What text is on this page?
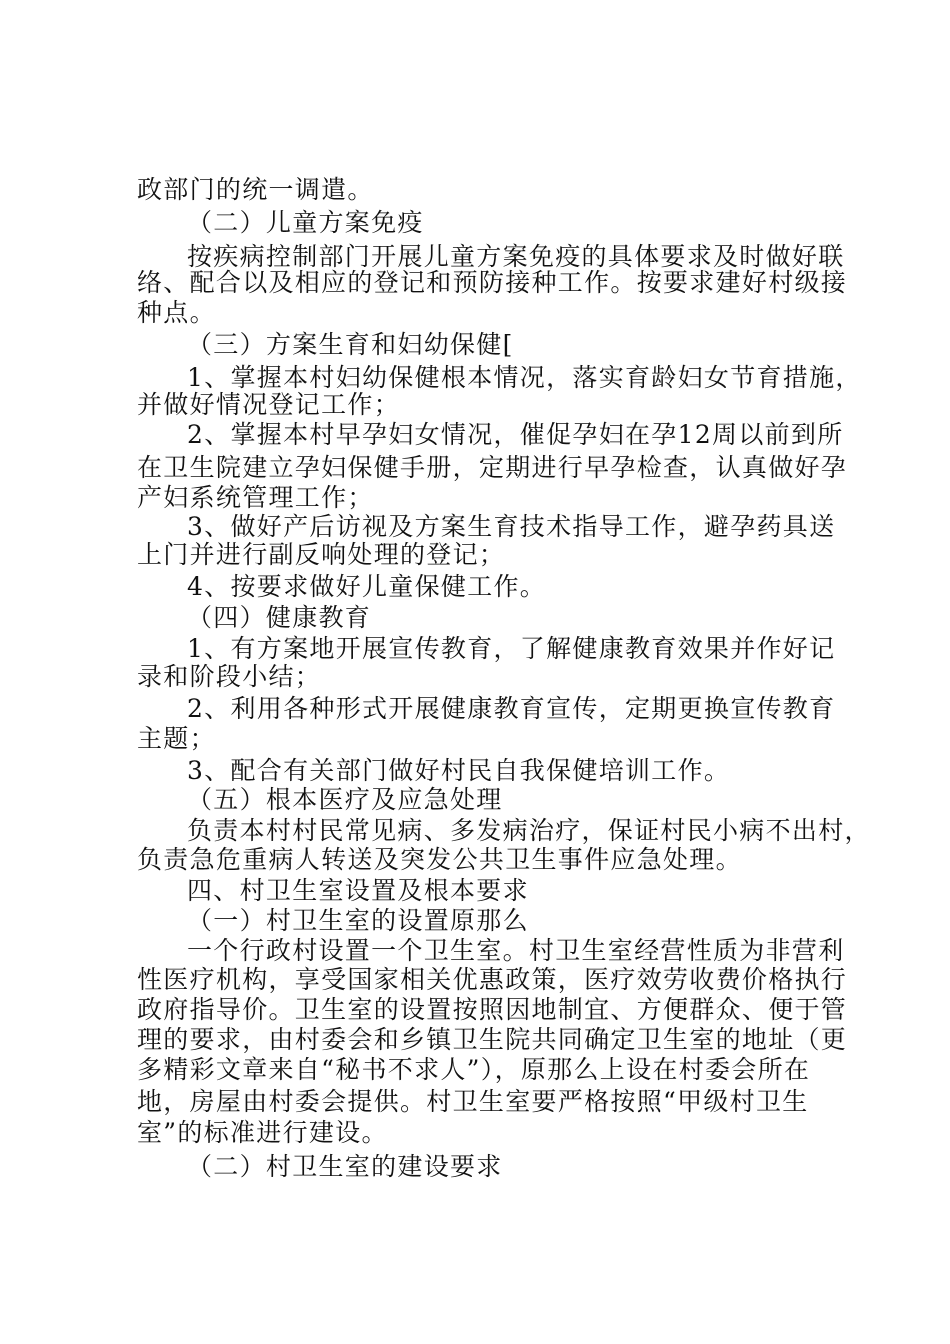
政部门的统一调遣。
（二）儿童方案免疫
按疾病控制部门开展儿童方案免疫的具体要求及时做好联
络、配合以及相应的登记和预防接种工作。按要求建好村级接
种点。
（三）方案生育和妇幼保健[
1、掌握本村妇幼保健根本情况，落实育龄妇女节育措施，
并做好情况登记工作；
2、掌握本村早孕妇女情况，催促孕妇在孕12周以前到所
在卫生院建立孕妇保健手册，定期进行早孕检查，认真做好孕
产妇系统管理工作；
3、做好产后访视及方案生育技术指导工作，避孕药具送
上门并进行副反响处理的登记；
4、按要求做好儿童保健工作。
（四）健康教育
1、有方案地开展宣传教育，了解健康教育效果并作好记
录和阶段小结；
2、利用各种形式开展健康教育宣传，定期更换宣传教育
主题；
3、配合有关部门做好村民自我保健培训工作。
（五）根本医疗及应急处理
负责本村村民常见病、多发病治疗，保证村民小病不出村，
负责急危重病人转送及突发公共卫生事件应急处理。
四、村卫生室设置及根本要求
（一）村卫生室的设置原那么
一个行政村设置一个卫生室。村卫生室经营性质为非营利
性医疗机构，享受国家相关优惠政策，医疗效劳收费价格执行
政府指导价。卫生室的设置按照因地制宜、方便群众、便于管
理的要求，由村委会和乡镇卫生院共同确定卫生室的地址（更
多精彩文章来自“秘书不求人”），原那么上设在村委会所在
地，房屋由村委会提供。村卫生室要严格按照“甲级村卫生
室”的标准进行建设。
（二）村卫生室的建设要求
